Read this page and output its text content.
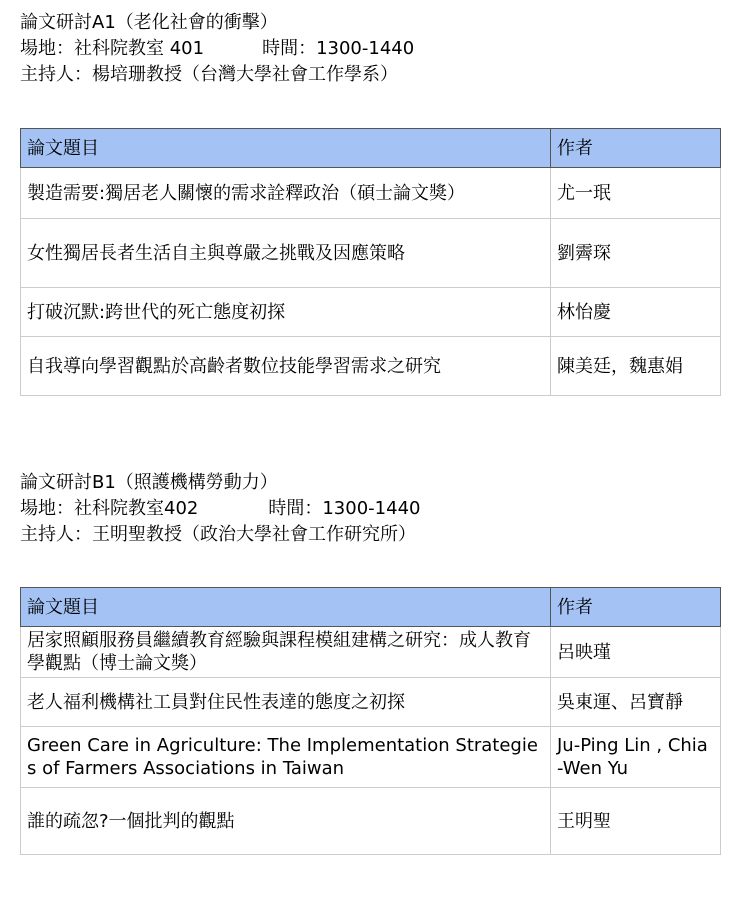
論文研討A1（老化社會的衝擊）
場地：社科院教室 401	時間：1300-1440
主持人：楊培珊教授（台灣大學社會工作學系）
論文題目	作者
製造需要:獨居老人關懷的需求詮釋政治（碩士論文獎）	尤一珉
女性獨居長者生活自主與尊嚴之挑戰及因應策略	劉霽琛
打破沉默:跨世代的死亡態度初探	林怡慶
自我導向學習觀點於高齡者數位技能學習需求之研究	陳美廷，魏惠娟
論文研討B1（照護機構勞動力）
場地：社科院教室402	時間：1300-1440
主持人：王明聖教授（政治大學社會工作研究所）
論文題目	作者
居家照顧服務員繼續教育經驗與課程模組建構之研究：成人教育學觀點（博士論文獎）	呂映瑾
老人福利機構社工員對住民性表達的態度之初探	吳東運、呂寶靜
Green Care in Agriculture: The Implementation Strategies of Farmers Associations in Taiwan	Ju-Ping Lin , Chia-Wen Yu
誰的疏忽?一個批判的觀點	王明聖
